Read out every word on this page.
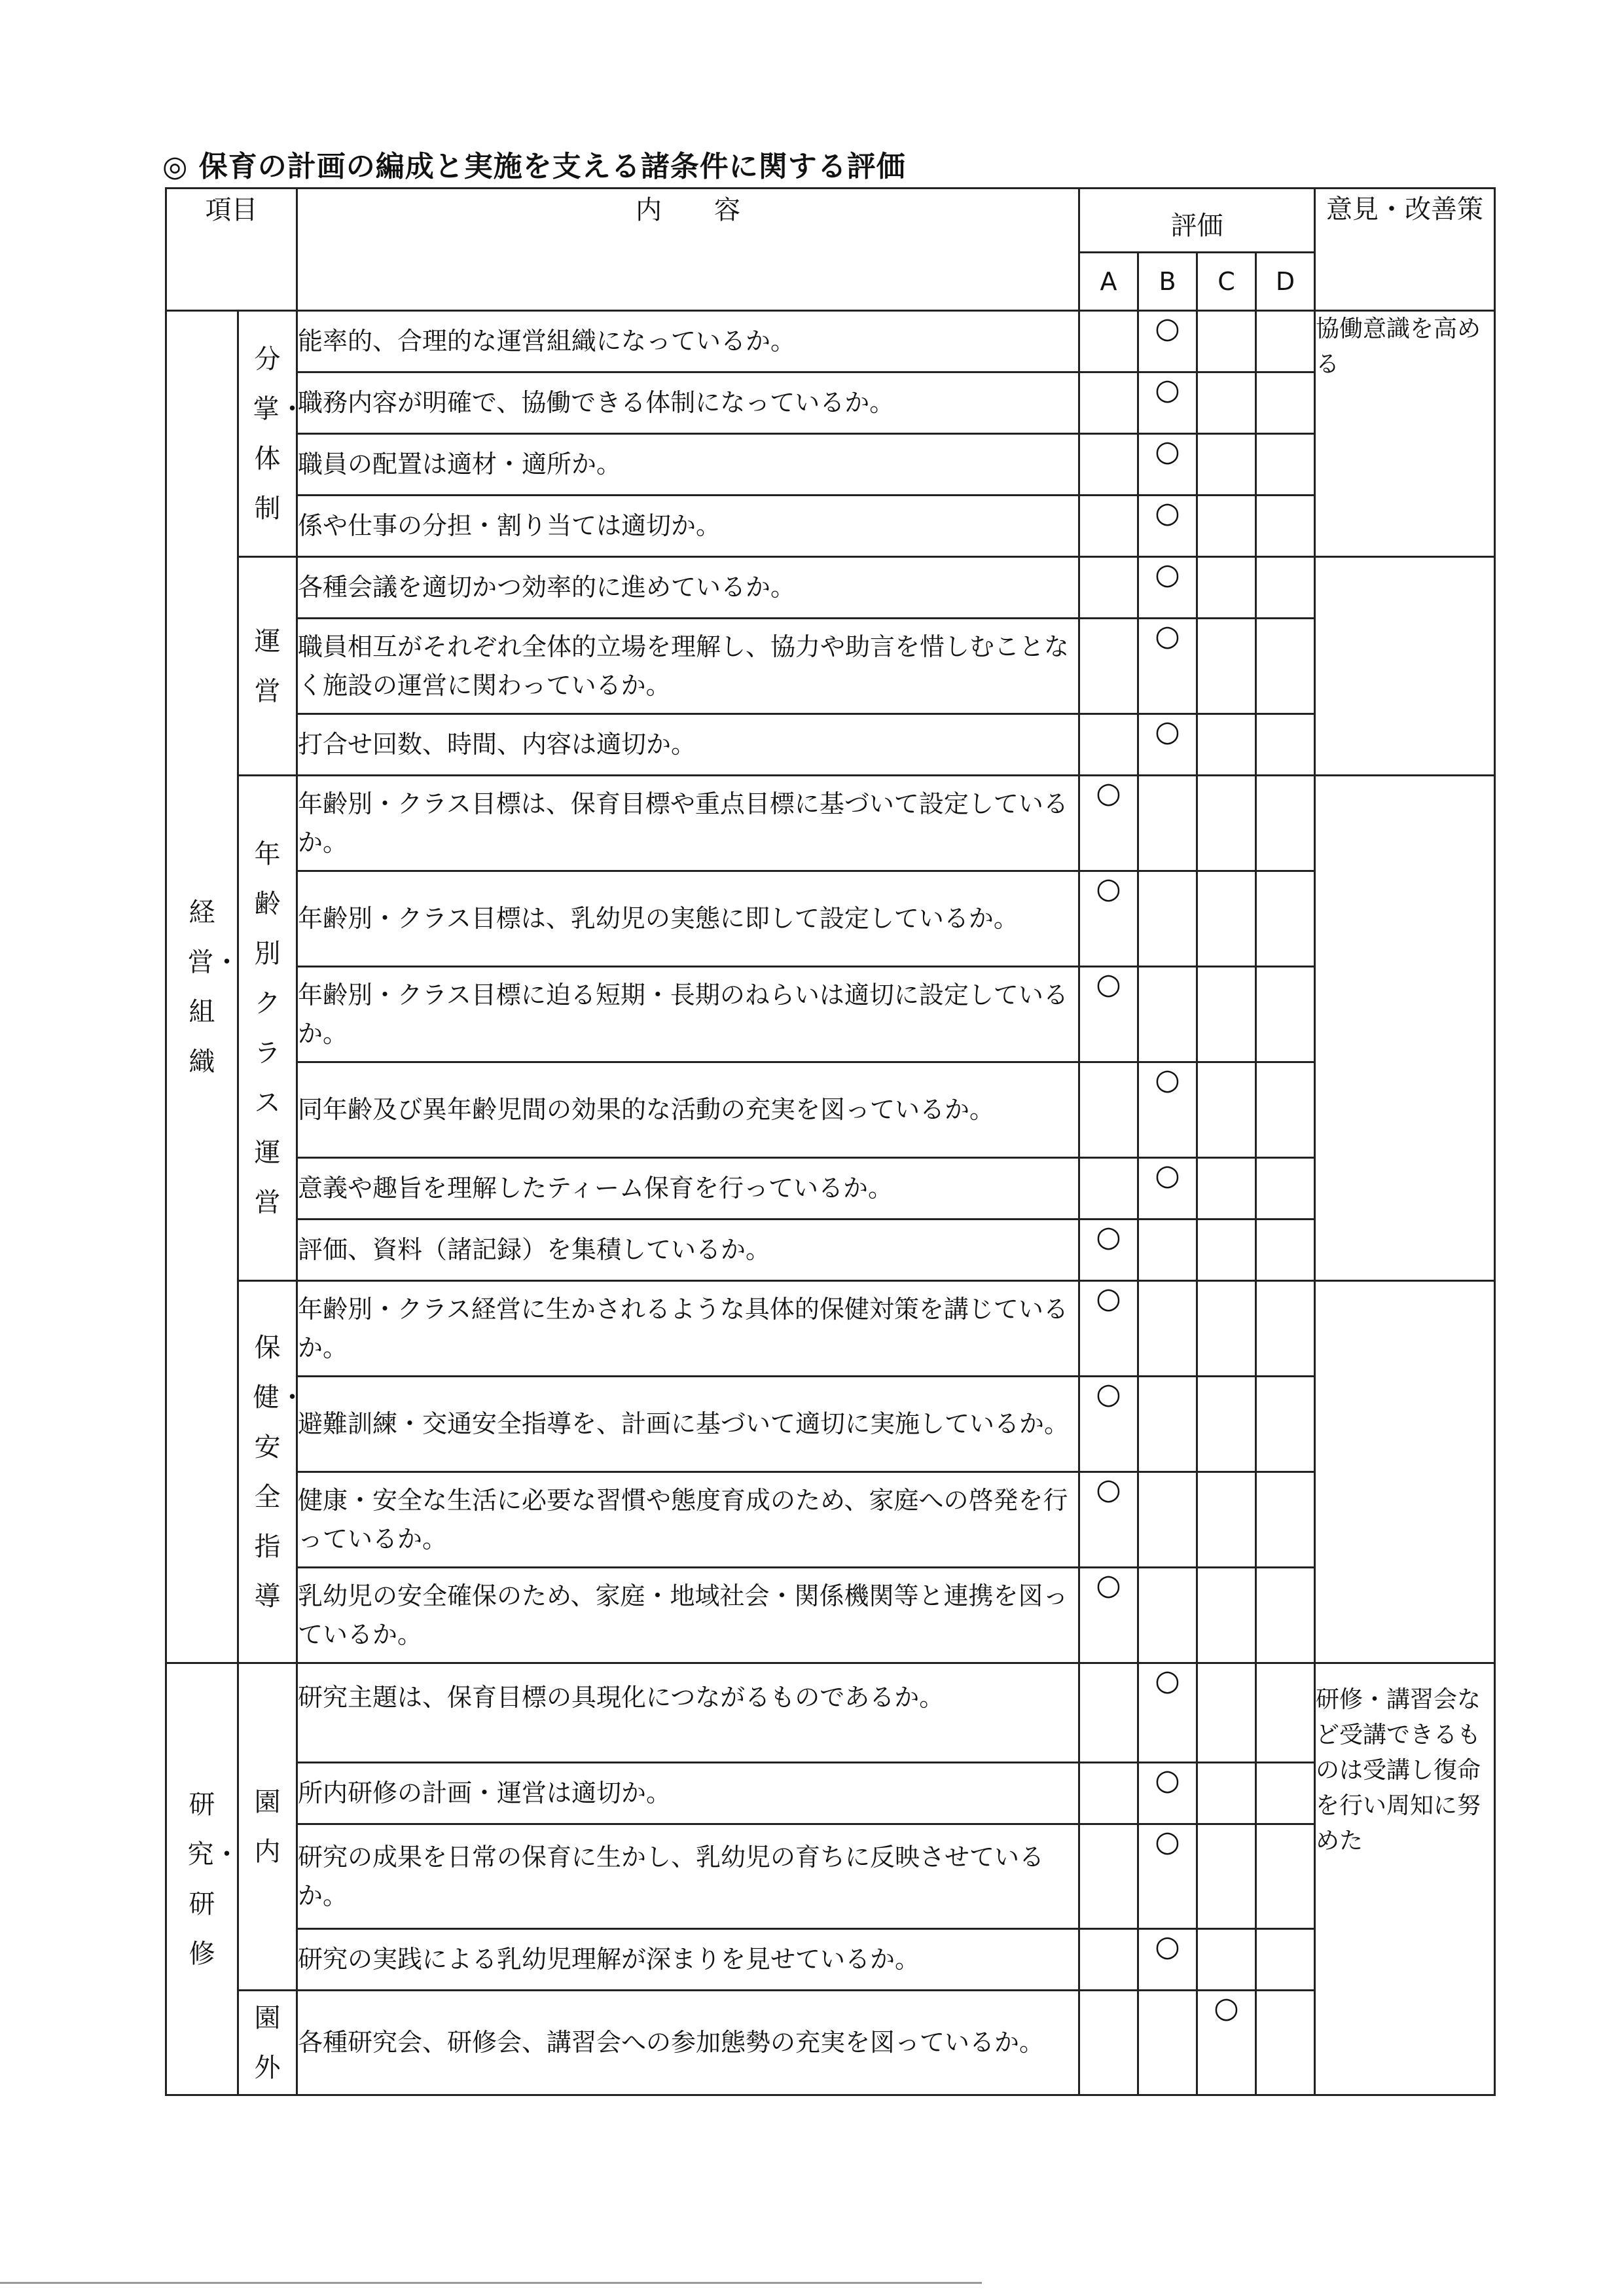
◎ 保育の計画の編成と実施を支える諸条件に関する評価
項目		内　　容	評価				意見・改善策
			A	B	C	D	
経営・組織	分掌・体制	能率的、合理的な運営組織になっているか。		○			協働意識を高める
		職務内容が明確で、協働できる体制になっているか。		○			
		職員の配置は適材・適所か。		○			
		係や仕事の分担・割り当ては適切か。		○			
	運営	各種会議を適切かつ効率的に進めているか。		○			
		職員相互がそれぞれ全体的立場を理解し、協力や助言を惜しむことなく施設の運営に関わっているか。		○			
		打合せ回数、時間、内容は適切か。		○			
	年齢別クラス運営	年齢別・クラス目標は、保育目標や重点目標に基づいて設定しているか。	○				
		年齢別・クラス目標は、乳幼児の実態に即して設定しているか。	○				
		年齢別・クラス目標に迫る短期・長期のねらいは適切に設定しているか。	○				
		同年齢及び異年齢児間の効果的な活動の充実を図っているか。		○			
		意義や趣旨を理解したティーム保育を行っているか。		○			
		評価、資料（諸記録）を集積しているか。	○				
	保健・安全指導	年齢別・クラス経営に生かされるような具体的保健対策を講じているか。	○				
		避難訓練・交通安全指導を、計画に基づいて適切に実施しているか。	○				
		健康・安全な生活に必要な習慣や態度育成のため、家庭への啓発を行っているか。	○				
		乳幼児の安全確保のため、家庭・地域社会・関係機関等と連携を図っているか。	○				
研究・研修	園内	研究主題は、保育目標の具現化につながるものであるか。		○			研修・講習会など受講できるものは受講し復命を行い周知に努めた
		所内研修の計画・運営は適切か。		○			
		研究の成果を日常の保育に生かし、乳幼児の育ちに反映させているか。		○			
		研究の実践による乳幼児理解が深まりを見せているか。		○			
	園外	各種研究会、研修会、講習会への参加態勢の充実を図っているか。			○		
